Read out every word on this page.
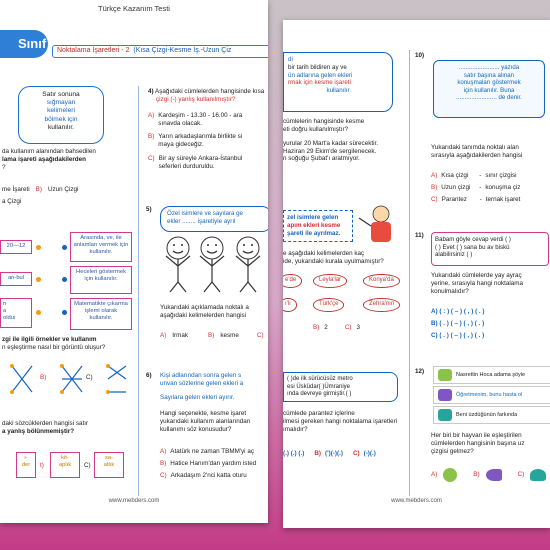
Türkçe Kazanım Testi
Sınıf Noktalama İşaretleri - 2 (Kısa Çizgi-Kesme İş.-Uzun Çiz
Satır sonuna
sığmayan
kelimeleri
bölmek için
kullanılır.
da kullanım alanından bahsedilen
lama işareti aşağıdakilerden
?
me İşareti B) Uzun Çizgi
a Çizgi
20—12
an-bul
n
a
olduı
Arasında, ve, ile anlamları vermek için kullanılır.
Heceleri göstermek için kullanılır.
Matematikte çıkarma işlemi olarak kullanılır.
zgi ile ilgili örnekler ve kullanım
n eşleştirme nasıl bir görüntü oluşur?
B)	C)
daki sözcüklerden hangisi satır
a yanlış bölünmemiştir?
i-
der	t)
kit-
aplık	C)
sa-
atlık
4) Aşağıdaki cümlelerden hangisinde kısa
çizgi (-) yanlış kullanılmıştır?
A) Kardeşim - 13.30 - 16.00 - ara
sınavda olacak.
B) Yarın arkadaşlarımla birlikte si
maya gideceğiz.
C) Bir ay süreyle Ankara-İstanbul
seferleri durduruldu.
5)
Özel isimlere ve sayılara ge
ekler ........ işaretiyle ayrıl
Yukarıdaki açıklamada noktalı a
aşağıdaki kelimelerden hangisi
A) Irmak	B) kesme	C)
6) Kişi adlarından sonra gelen s
unvan sözlerine gelen ekleri a
Sayılara gelen ekleri ayırır.
Hangi seçenekte, kesme işaret
yukarıdaki kullanım alanlarından
kullanımı söz konusudur?
A) Atatürk ne zaman TBMM'yi aç
B) Hatice Hanım'dan yardım isted
C) Arkadaşım 2'nci katta oturu
www.mebders.com
di
bir tarih bildiren ay ve
ün adlarına gelen ekleri
rmak için kesme işareti
kullanılır
cümlelerin hangisinde kesme
eti doğru kullanılmıştır?
yurular 20 Mart'a kadar sürecektir.
Haziran 29 Ekim'de sergilenecek.
n soğuğu Şubat'ı aratmıyor.
zel isimlere gelen
apım ekleri kesme
şareti ile ayrılmaz.
e aşağıdaki kelimelerden kaç
ide, yukarıdaki kurala uyulmamıştır?
e'de	Leyla'lar	Konya'da
ı'lı	Türk'çe	Zehra'nın
B) 2	C) 3
( )de ilk sürücüsüz metro
esi Üsküdar( )Ümraniye
ında devreye girmiştir.( )
cümlede parantez içlerine
ilmesi gereken hangi noktalama işaretleri
ımalıdır?
(.) (.) (.) B) (')(-)(.) C) (-)(.)
10)
........................ yazıda
satır başına alınan
konuşmaları göstermek
için kullanılır. Buna
........................ de denir.
Yukarıdaki tanımda noktalı alan
sırasıyla aşağıdakilerden hangisi
A) Kısa çizgi	- sınır çizgisi
B) Uzun çizgi	- konuşma çiz
C) Parantez	- ternak işaret
11)
Babam göyle cevap verdi ( )
( ) Evet ( ) sana bu av biskü
alabilirsiniz ( )
Yukarıdaki cümlelerde yay ayraç
yerine, sırasıyla hangi noktalama
konulmalıdır?
A) ( : ) ( – ) ( , ) ( . )
B) ( . ) ( – ) ( , ) ( . )
C) ( . ) ( – ) ( , ) ( . )
12)	Nasrettin Hoca adama şöyle
Öğretmenim, bunu hasta ol
Beni üzdüğünün farkında
Her biri bir hayvan ile eşleştirilen
cümlelerden hangisinin başına uz
çizgisi gelmez?
A)	B)	C)
www.mebders.com
